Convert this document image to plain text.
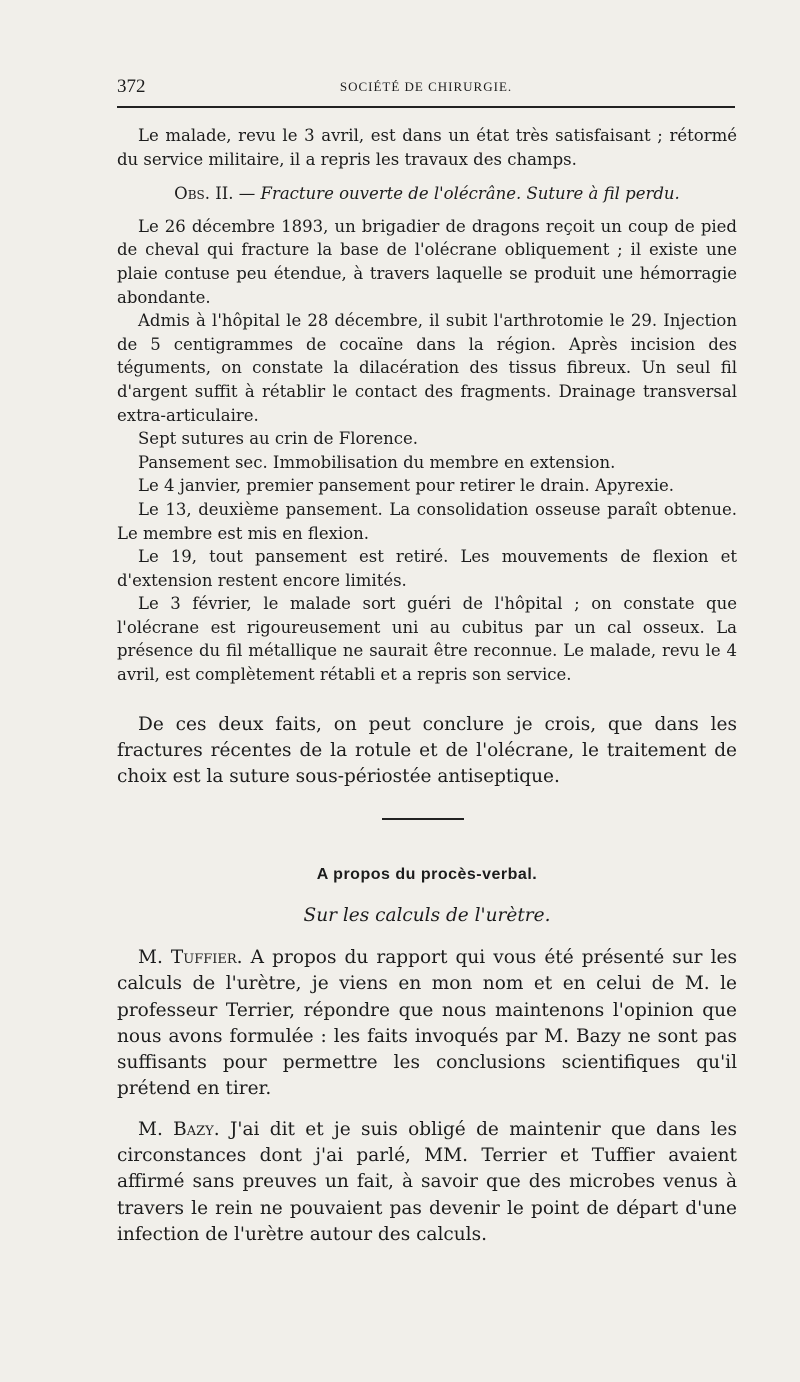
372	SOCIÉTÉ DE CHIRURGIE.

Le malade, revu le 3 avril, est dans un état très satisfaisant ; rétormé du service militaire, il a repris les travaux des champs.

Obs. II. — Fracture ouverte de l'olécrâne. Suture à fil perdu.

Le 26 décembre 1893, un brigadier de dragons reçoit un coup de pied de cheval qui fracture la base de l'olécrane obliquement ; il existe une plaie contuse peu étendue, à travers laquelle se produit une hémorragie abondante.

Admis à l'hôpital le 28 décembre, il subit l'arthrotomie le 29. Injection de 5 centigrammes de cocaïne dans la région. Après incision des téguments, on constate la dilacération des tissus fibreux. Un seul fil d'argent suffit à rétablir le contact des fragments. Drainage transversal extra-articulaire.

Sept sutures au crin de Florence.

Pansement sec. Immobilisation du membre en extension.

Le 4 janvier, premier pansement pour retirer le drain. Apyrexie.

Le 13, deuxième pansement. La consolidation osseuse paraît obtenue. Le membre est mis en flexion.

Le 19, tout pansement est retiré. Les mouvements de flexion et d'extension restent encore limités.

Le 3 février, le malade sort guéri de l'hôpital ; on constate que l'olécrane est rigoureusement uni au cubitus par un cal osseux. La présence du fil métallique ne saurait être reconnue. Le malade, revu le 4 avril, est complètement rétabli et a repris son service.

De ces deux faits, on peut conclure je crois, que dans les fractures récentes de la rotule et de l'olécrane, le traitement de choix est la suture sous-périostée antiseptique.

A propos du procès-verbal.
Sur les calculs de l'urètre.

M. Tuffier. A propos du rapport qui vous été présenté sur les calculs de l'urètre, je viens en mon nom et en celui de M. le professeur Terrier, répondre que nous maintenons l'opinion que nous avons formulée : les faits invoqués par M. Bazy ne sont pas suffisants pour permettre les conclusions scientifiques qu'il prétend en tirer.

M. Bazy. J'ai dit et je suis obligé de maintenir que dans les circonstances dont j'ai parlé, MM. Terrier et Tuffier avaient affirmé sans preuves un fait, à savoir que des microbes venus à travers le rein ne pouvaient pas devenir le point de départ d'une infection de l'urètre autour des calculs.
